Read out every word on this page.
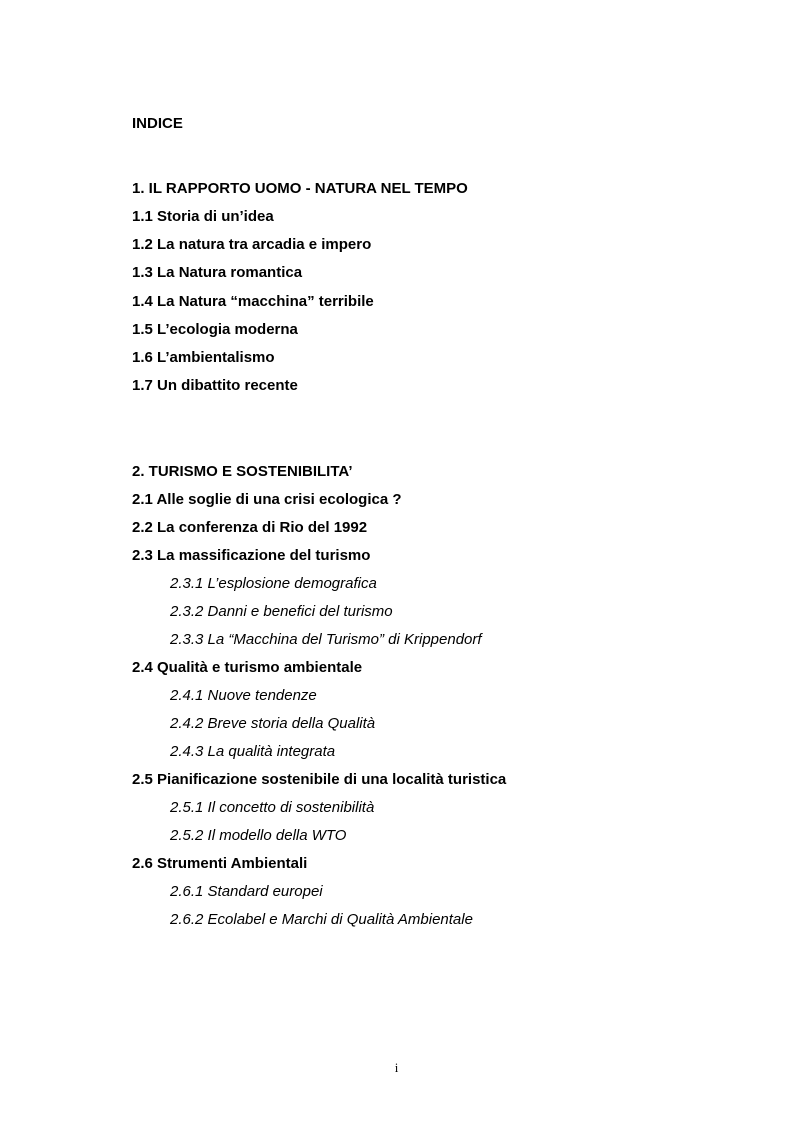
INDICE
1. IL RAPPORTO UOMO - NATURA NEL TEMPO
1.1 Storia di un’idea
1.2 La natura tra arcadia e impero
1.3 La Natura romantica
1.4 La Natura “macchina” terribile
1.5 L’ecologia moderna
1.6 L’ambientalismo
1.7 Un dibattito recente
2. TURISMO E SOSTENIBILITA’
2.1 Alle soglie di una crisi ecologica ?
2.2 La conferenza di Rio del 1992
2.3 La massificazione del turismo
2.3.1 L’esplosione demografica
2.3.2 Danni e benefici del turismo
2.3.3 La “Macchina del Turismo” di Krippendorf
2.4 Qualità e turismo ambientale
2.4.1 Nuove tendenze
2.4.2 Breve storia della Qualità
2.4.3 La qualità integrata
2.5 Pianificazione sostenibile di una località turistica
2.5.1 Il concetto di sostenibilità
2.5.2 Il modello della WTO
2.6 Strumenti Ambientali
2.6.1 Standard europei
2.6.2 Ecolabel e Marchi di Qualità Ambientale
i
